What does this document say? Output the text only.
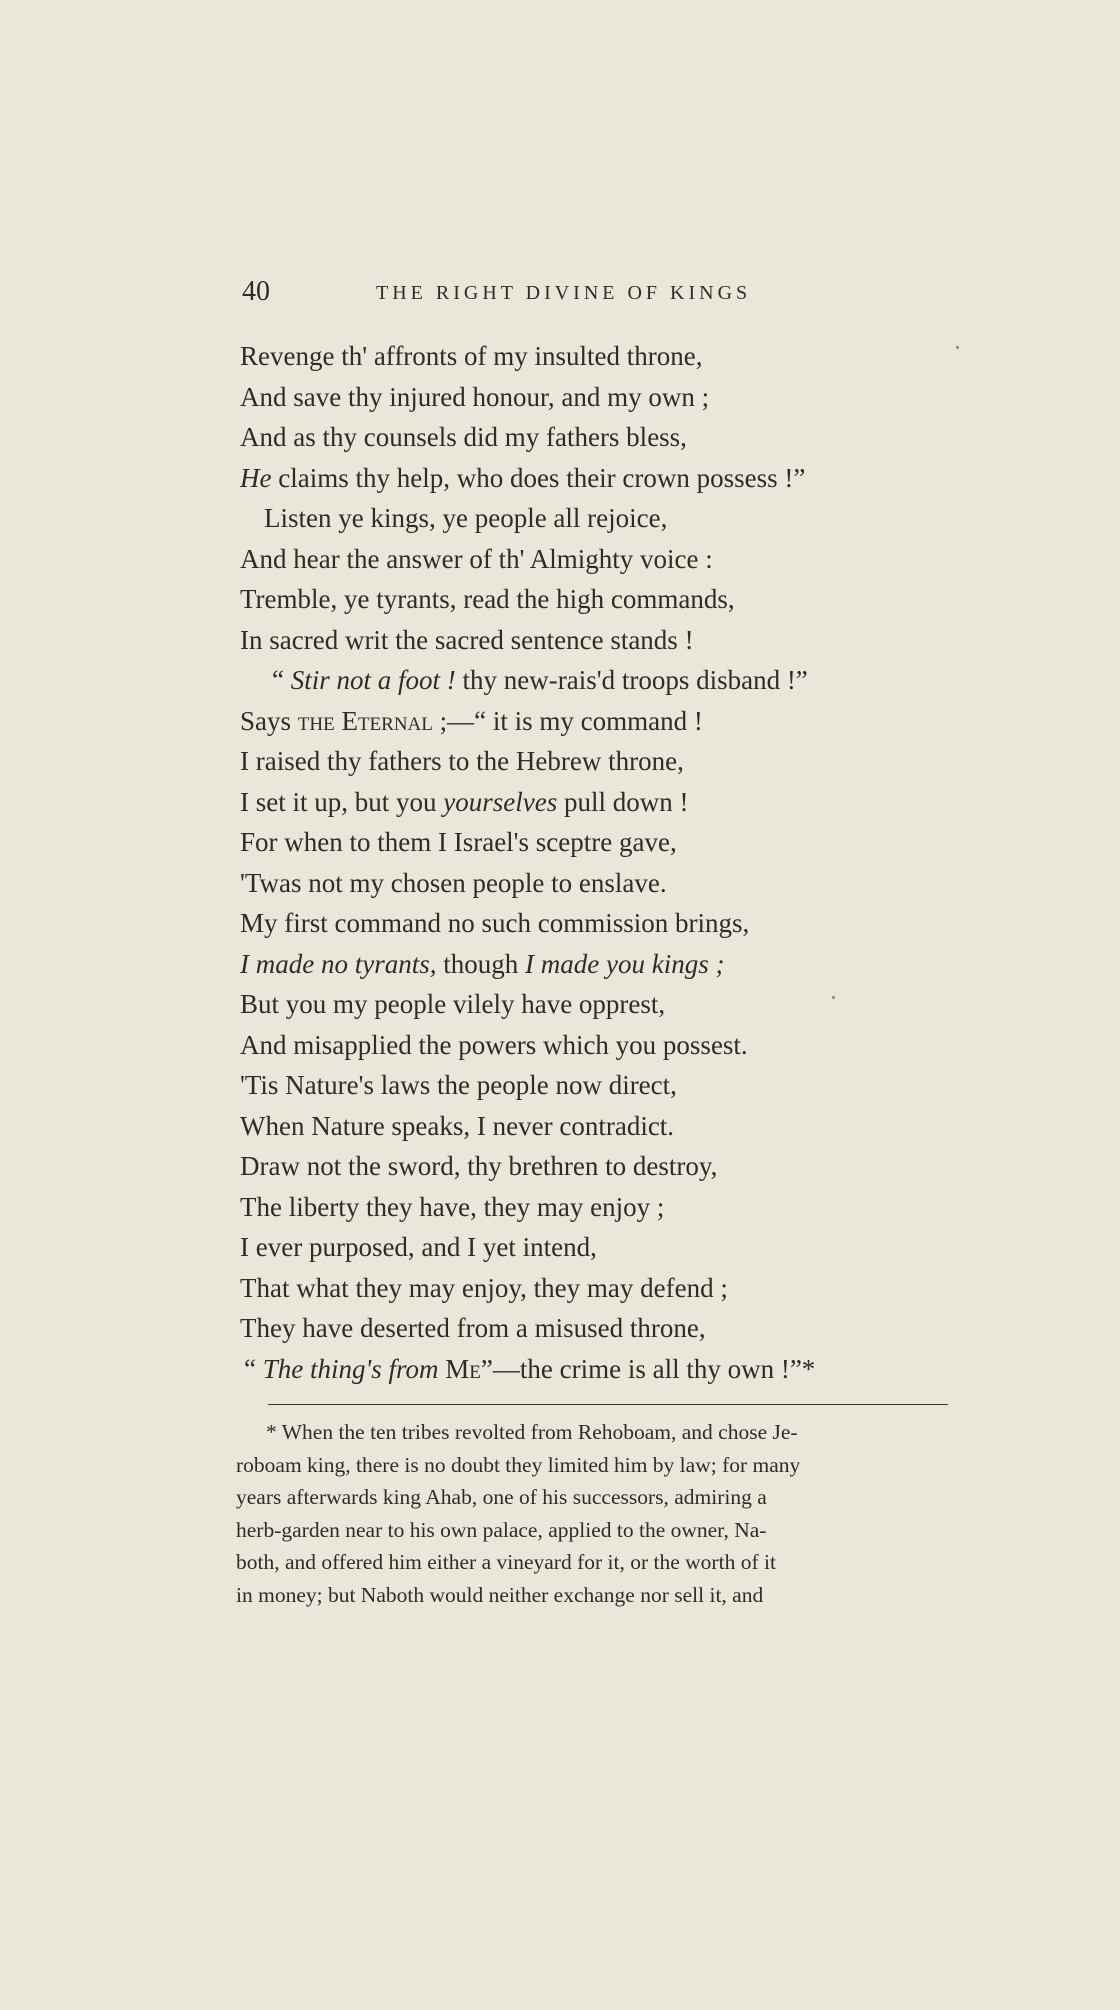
40	THE RIGHT DIVINE OF KINGS
Revenge th' affronts of my insulted throne,
And save thy injured honour, and my own ;
And as thy counsels did my fathers bless,
He claims thy help, who does their crown possess !”
Listen ye kings, ye people all rejoice,
And hear the answer of th' Almighty voice :
Tremble, ye tyrants, read the high commands,
In sacred writ the sacred sentence stands !
“ Stir not a foot ! thy new-rais'd troops disband !”
Says the Eternal ;—“ it is my command !
I raised thy fathers to the Hebrew throne,
I set it up, but you yourselves pull down !
For when to them I Israel's sceptre gave,
'Twas not my chosen people to enslave.
My first command no such commission brings,
I made no tyrants, though I made you kings ;
But you my people vilely have opprest,
And misapplied the powers which you possest.
'Tis Nature's laws the people now direct,
When Nature speaks, I never contradict.
Draw not the sword, thy brethren to destroy,
The liberty they have, they may enjoy ;
I ever purposed, and I yet intend,
That what they may enjoy, they may defend ;
They have deserted from a misused throne,
“ The thing's from Me”—the crime is all thy own !”*
* When the ten tribes revolted from Rehoboam, and chose Je-
roboam king, there is no doubt they limited him by law; for many
years afterwards king Ahab, one of his successors, admiring a
herb-garden near to his own palace, applied to the owner, Na-
both, and offered him either a vineyard for it, or the worth of it
in money; but Naboth would neither exchange nor sell it, and
